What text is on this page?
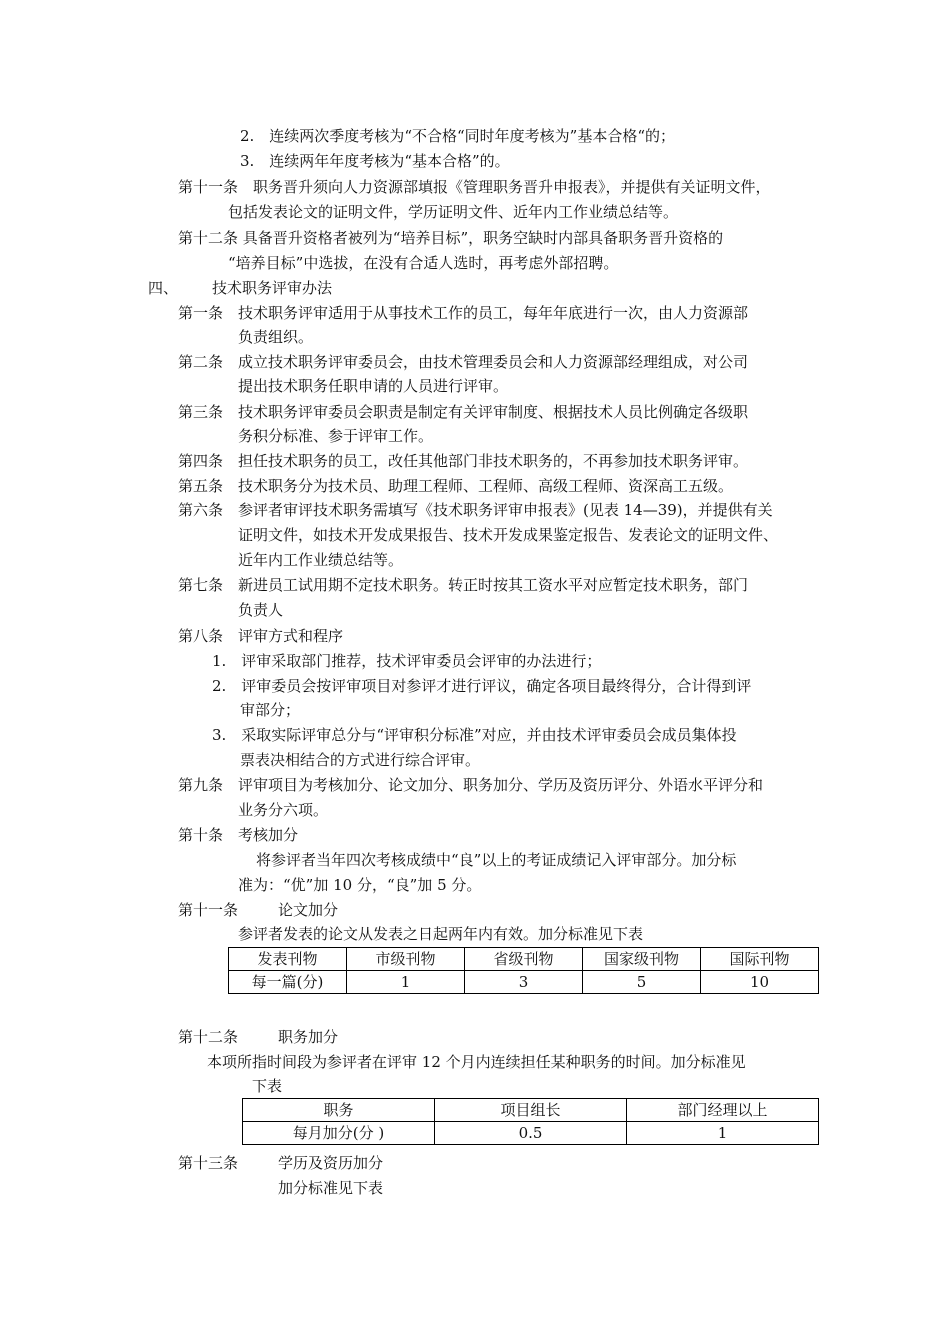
2.　连续两次季度考核为“不合格“同时年度考核为”基本合格“的；
3.　连续两年年度考核为“基本合格”的。
第十一条　职务晋升须向人力资源部填报《管理职务晋升申报表》，并提供有关证明文件，
包括发表论文的证明文件，学历证明文件、近年内工作业绩总结等。
第十二条 具备晋升资格者被列为“培养目标”，职务空缺时内部具备职务晋升资格的
“培养目标”中选拔，在没有合适人选时，再考虑外部招聘。
四、 技术职务评审办法
第一条　技术职务评审适用于从事技术工作的员工，每年年底进行一次，由人力资源部
负责组织。
第二条　成立技术职务评审委员会，由技术管理委员会和人力资源部经理组成，对公司
提出技术职务任职申请的人员进行评审。
第三条　技术职务评审委员会职责是制定有关评审制度、根据技术人员比例确定各级职
务积分标准、参于评审工作。
第四条　担任技术职务的员工，改任其他部门非技术职务的，不再参加技术职务评审。
第五条　技术职务分为技术员、助理工程师、工程师、高级工程师、资深高工五级。
第六条　参评者审评技术职务需填写《技术职务评审申报表》(见表 14—39)，并提供有关
证明文件，如技术开发成果报告、技术开发成果鉴定报告、发表论文的证明文件、
近年内工作业绩总结等。
第七条　新进员工试用期不定技术职务。转正时按其工资水平对应暂定技术职务，部门
负责人
第八条　评审方式和程序
1.　评审采取部门推荐，技术评审委员会评审的办法进行；
2.　评审委员会按评审项目对参评才进行评议，确定各项目最终得分，合计得到评
审部分；
3.　采取实际评审总分与“评审积分标准”对应，并由技术评审委员会成员集体投
票表决相结合的方式进行综合评审。
第九条　评审项目为考核加分、论文加分、职务加分、学历及资历评分、外语水平评分和
业务分六项。
第十条　考核加分
将参评者当年四次考核成绩中“良”以上的考证成绩记入评审部分。加分标
准为：“优”加 10 分，“良”加 5 分。
第十一条	论文加分
参评者发表的论文从发表之日起两年内有效。加分标准见下表
发表刊物	市级刊物	省级刊物	国家级刊物	国际刊物
每一篇(分)	1	3	5	10
第十二条	职务加分
本项所指时间段为参评者在评审 12 个月内连续担任某种职务的时间。加分标准见
下表
职务	项目组长	部门经理以上
每月加分(分 )	0.5	1
第十三条	学历及资历加分
加分标准见下表
